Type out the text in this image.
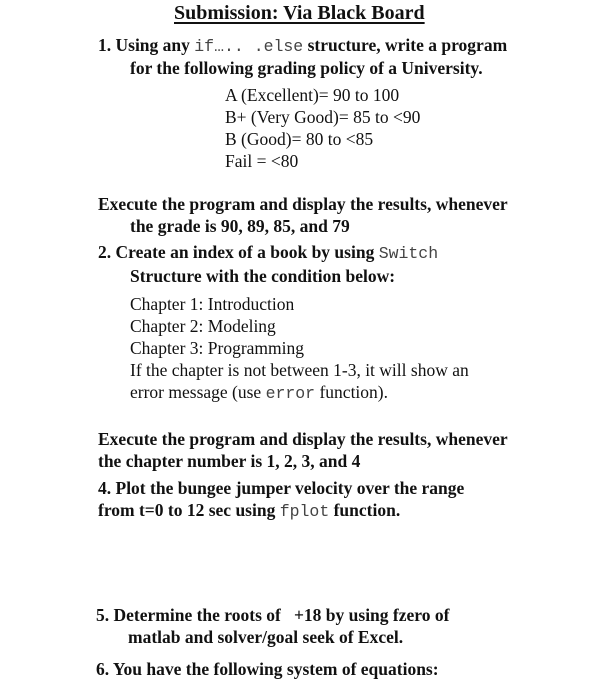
Submission: Via Black Board
1. Using any if….. .else structure, write a program
for the following grading policy of a University.
A (Excellent)= 90 to 100
B+ (Very Good)= 85 to <90
B (Good)= 80 to <85
Fail = <80
Execute the program and display the results, whenever
the grade is 90, 89, 85, and 79
2. Create an index of a book by using Switch
Structure with the condition below:
Chapter 1: Introduction
Chapter 2: Modeling
Chapter 3: Programming
If the chapter is not between 1-3, it will show an
error message (use error function).
Execute the program and display the results, whenever
the chapter number is 1, 2, 3, and 4
4. Plot the bungee jumper velocity over the range
from t=0 to 12 sec using fplot function.
5. Determine the roots of   +18 by using fzero of
matlab and solver/goal seek of Excel.
6. You have the following system of equations:
